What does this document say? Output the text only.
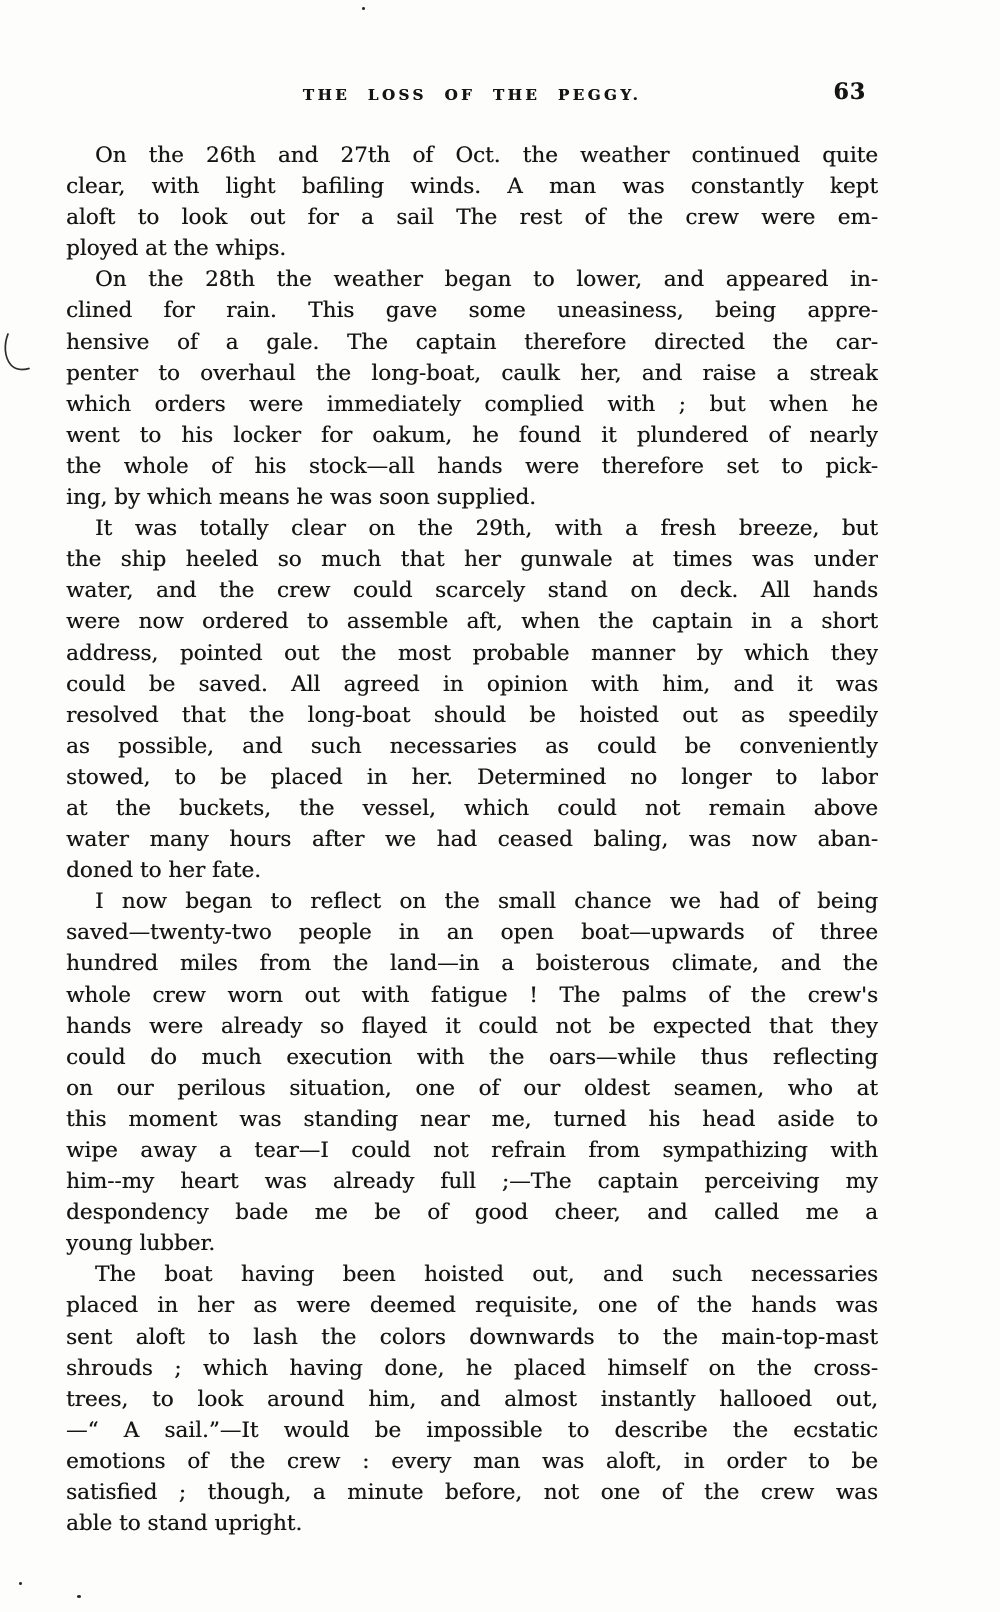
THE LOSS OF THE PEGGY.	63
On the 26th and 27th of Oct. the weather continued quite
clear, with light bafiling winds. A man was constantly kept
aloft to look out for a sail The rest of the crew were em-
ployed at the whips.
On the 28th the weather began to lower, and appeared in-
clined for rain. This gave some uneasiness, being appre-
hensive of a gale. The captain therefore directed the car-
penter to overhaul the long-boat, caulk her, and raise a streak
which orders were immediately complied with ; but when he
went to his locker for oakum, he found it plundered of nearly
the whole of his stock—all hands were therefore set to pick-
ing, by which means he was soon supplied.
It was totally clear on the 29th, with a fresh breeze, but
the ship heeled so much that her gunwale at times was under
water, and the crew could scarcely stand on deck. All hands
were now ordered to assemble aft, when the captain in a short
address, pointed out the most probable manner by which they
could be saved. All agreed in opinion with him, and it was
resolved that the long-boat should be hoisted out as speedily
as possible, and such necessaries as could be conveniently
stowed, to be placed in her. Determined no longer to labor
at the buckets, the vessel, which could not remain above
water many hours after we had ceased baling, was now aban-
doned to her fate.
I now began to reflect on the small chance we had of being
saved—twenty-two people in an open boat—upwards of three
hundred miles from the land—in a boisterous climate, and the
whole crew worn out with fatigue ! The palms of the crew's
hands were already so flayed it could not be expected that they
could do much execution with the oars—while thus reflecting
on our perilous situation, one of our oldest seamen, who at
this moment was standing near me, turned his head aside to
wipe away a tear—I could not refrain from sympathizing with
him--my heart was already full ;—The captain perceiving my
despondency bade me be of good cheer, and called me a
young lubber.
The boat having been hoisted out, and such necessaries
placed in her as were deemed requisite, one of the hands was
sent aloft to lash the colors downwards to the main-top-mast
shrouds ; which having done, he placed himself on the cross-
trees, to look around him, and almost instantly hallooed out,
—“ A sail.”—It would be impossible to describe the ecstatic
emotions of the crew : every man was aloft, in order to be
satisfied ; though, a minute before, not one of the crew was
able to stand upright.
